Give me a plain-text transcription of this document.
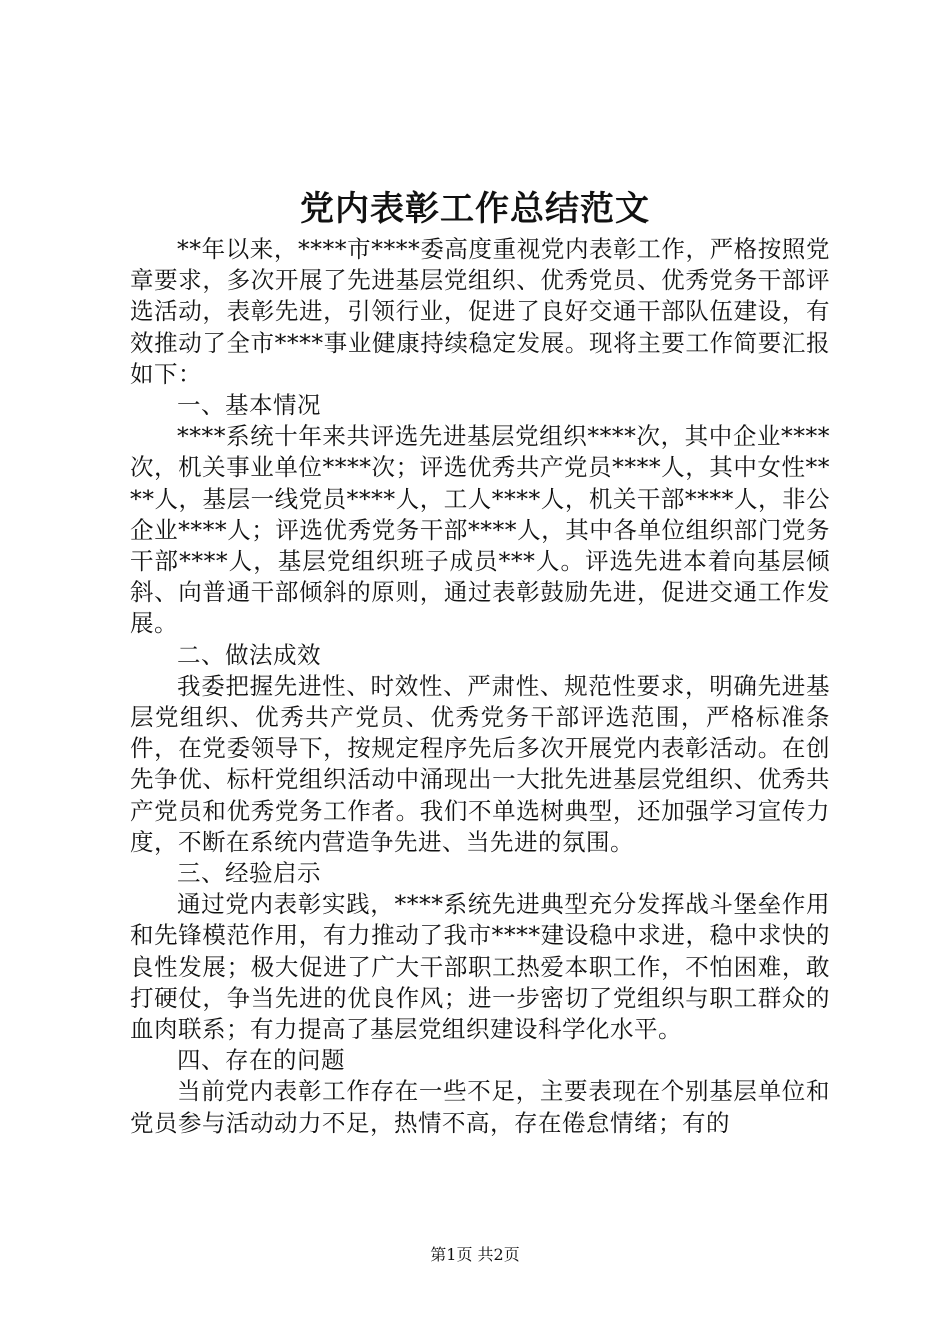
党内表彰工作总结范文

**年以来，****市****委高度重视党内表彰工作，严格按照党章要求，多次开展了先进基层党组织、优秀党员、优秀党务干部评选活动，表彰先进，引领行业，促进了良好交通干部队伍建设，有效推动了全市****事业健康持续稳定发展。现将主要工作简要汇报如下：

一、基本情况

****系统十年来共评选先进基层党组织****次，其中企业****次，机关事业单位****次；评选优秀共产党员****人，其中女性****人，基层一线党员****人，工人****人，机关干部****人，非公企业****人；评选优秀党务干部****人，其中各单位组织部门党务干部****人，基层党组织班子成员***人。评选先进本着向基层倾斜、向普通干部倾斜的原则，通过表彰鼓励先进，促进交通工作发展。

二、做法成效

我委把握先进性、时效性、严肃性、规范性要求，明确先进基层党组织、优秀共产党员、优秀党务干部评选范围，严格标准条件，在党委领导下，按规定程序先后多次开展党内表彰活动。在创先争优、标杆党组织活动中涌现出一大批先进基层党组织、优秀共产党员和优秀党务工作者。我们不单选树典型，还加强学习宣传力度，不断在系统内营造争先进、当先进的氛围。

三、经验启示

通过党内表彰实践，****系统先进典型充分发挥战斗堡垒作用和先锋模范作用，有力推动了我市****建设稳中求进，稳中求快的良性发展；极大促进了广大干部职工热爱本职工作，不怕困难，敢打硬仗，争当先进的优良作风；进一步密切了党组织与职工群众的血肉联系；有力提高了基层党组织建设科学化水平。

四、存在的问题

当前党内表彰工作存在一些不足，主要表现在个别基层单位和党员参与活动动力不足，热情不高，存在倦怠情绪；有的

第1页 共2页
